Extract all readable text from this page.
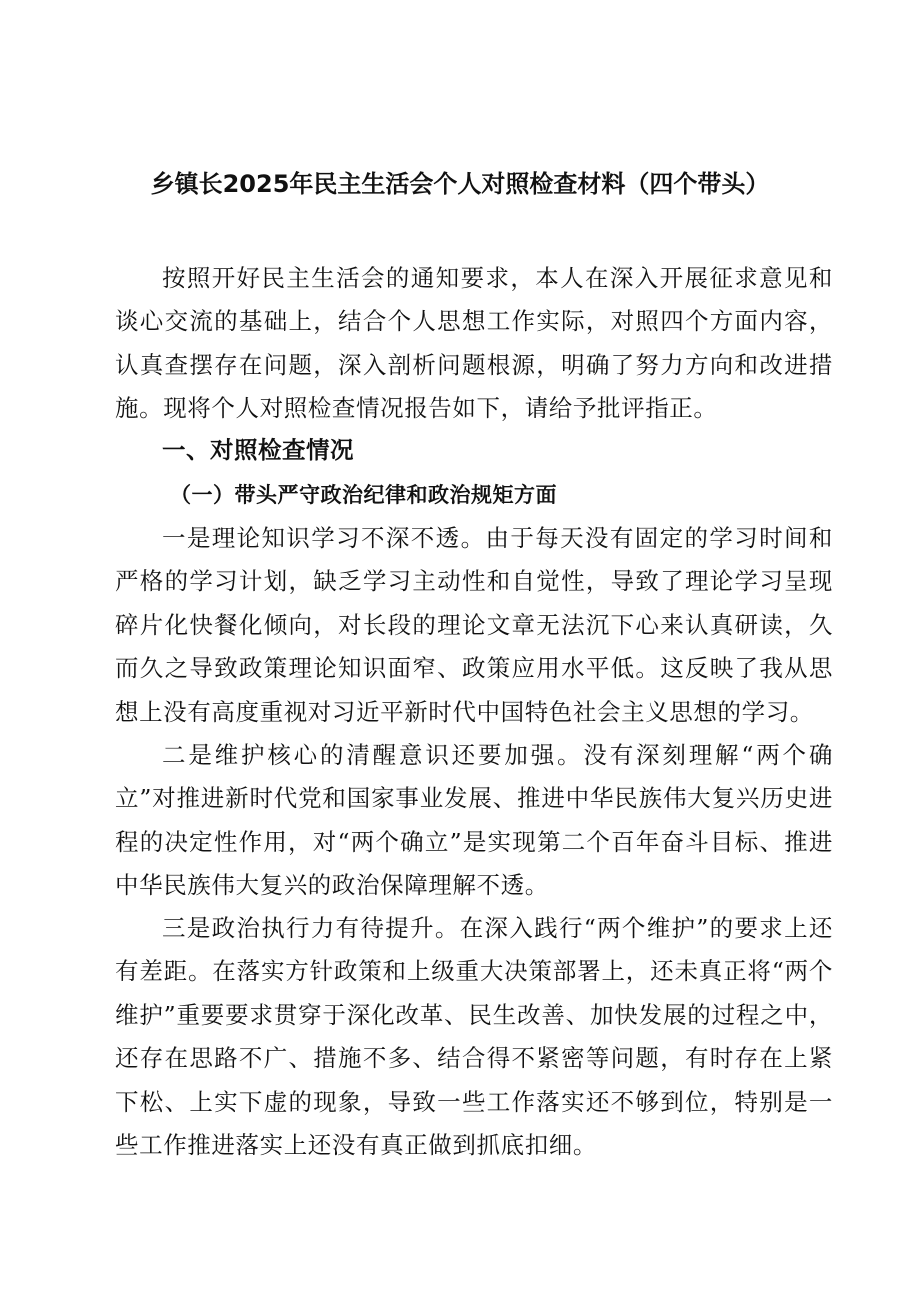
乡镇长2025年民主生活会个人对照检查材料（四个带头）

按照开好民主生活会的通知要求，本人在深入开展征求意见和谈心交流的基础上，结合个人思想工作实际，对照四个方面内容，认真查摆存在问题，深入剖析问题根源，明确了努力方向和改进措施。现将个人对照检查情况报告如下，请给予批评指正。

一、对照检查情况
（一）带头严守政治纪律和政治规矩方面

一是理论知识学习不深不透。由于每天没有固定的学习时间和严格的学习计划，缺乏学习主动性和自觉性，导致了理论学习呈现碎片化快餐化倾向，对长段的理论文章无法沉下心来认真研读，久而久之导致政策理论知识面窄、政策应用水平低。这反映了我从思想上没有高度重视对习近平新时代中国特色社会主义思想的学习。

二是维护核心的清醒意识还要加强。没有深刻理解“两个确立”对推进新时代党和国家事业发展、推进中华民族伟大复兴历史进程的决定性作用，对“两个确立”是实现第二个百年奋斗目标、推进中华民族伟大复兴的政治保障理解不透。

三是政治执行力有待提升。在深入践行“两个维护”的要求上还有差距。在落实方针政策和上级重大决策部署上，还未真正将“两个维护”重要要求贯穿于深化改革、民生改善、加快发展的过程之中，还存在思路不广、措施不多、结合得不紧密等问题，有时存在上紧下松、上实下虚的现象，导致一些工作落实还不够到位，特别是一些工作推进落实上还没有真正做到抓底扣细。
